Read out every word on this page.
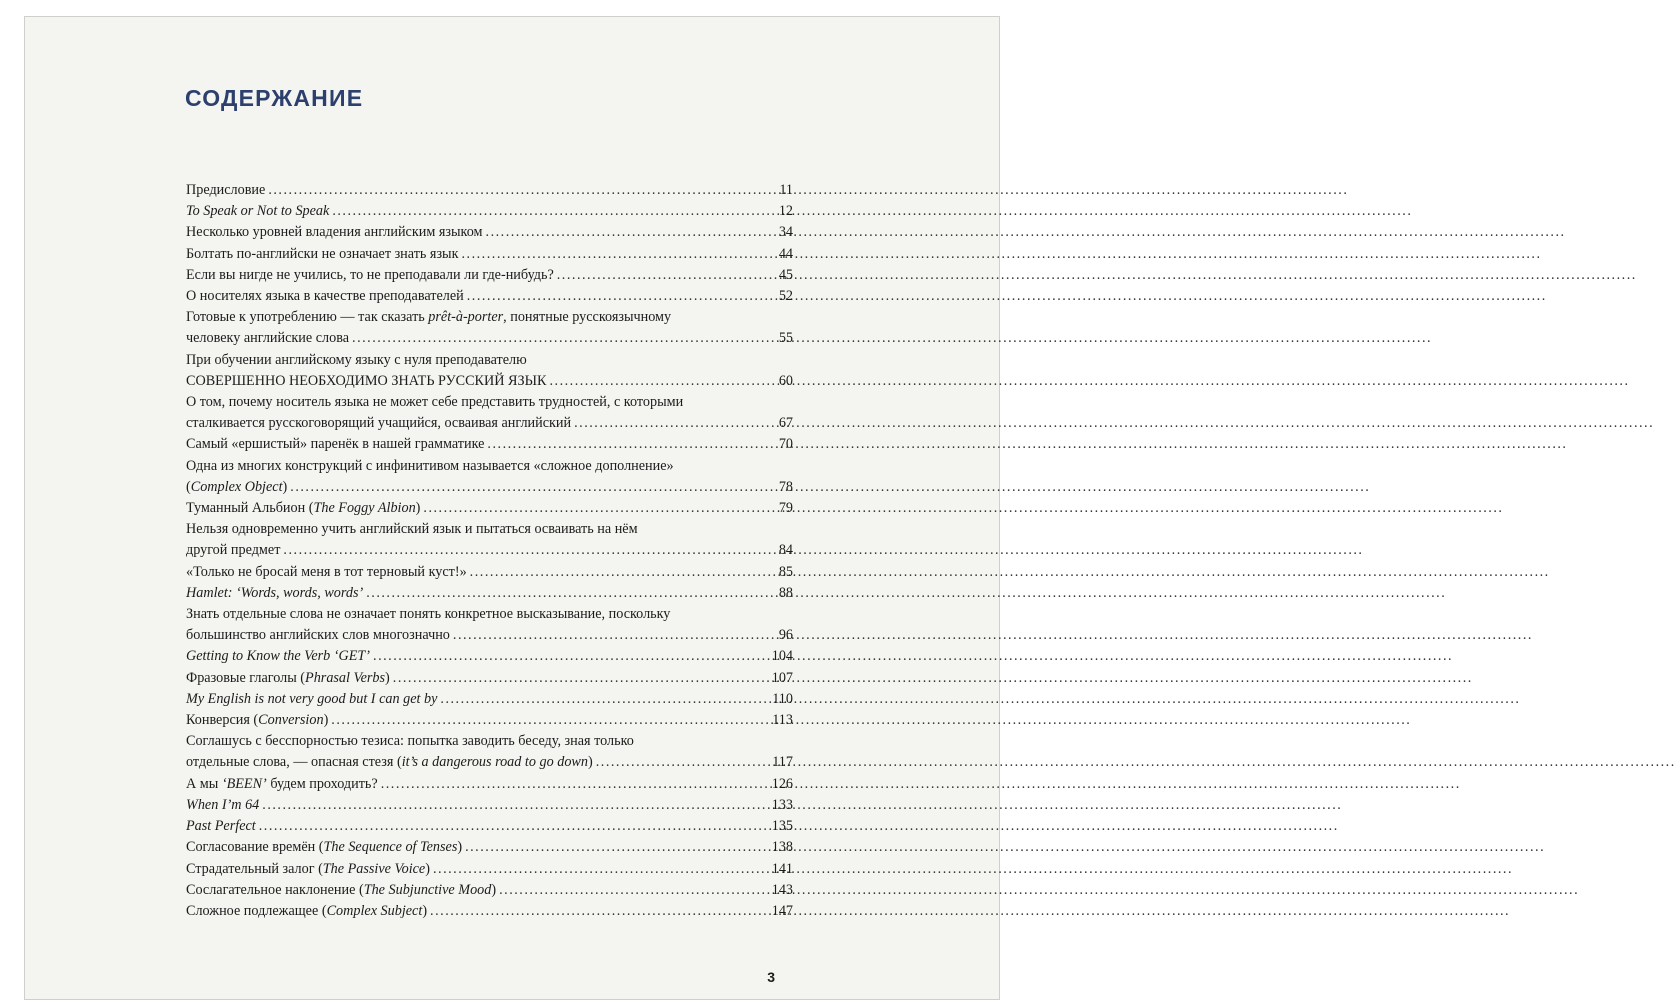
СОДЕРЖАНИЕ
Предисловие .....	11
To Speak or Not to Speak .....	12
Несколько уровней владения английским языком .....	34
Болтать по-английски не означает знать язык .....	44
Если вы нигде не учились, то не преподавали ли где-нибудь? .....	45
О носителях языка в качестве преподавателей .....	52
Готовые к употреблению — так сказать prêt-à-porter, понятные русскоязычному
человеку английские слова .....	55
При обучении английскому языку с нуля преподавателю
СОВЕРШЕННО НЕОБХОДИМО ЗНАТЬ РУССКИЙ ЯЗЫК .....	60
О том, почему носитель языка не может себе представить трудностей, с которыми
сталкивается русскоговорящий учащийся, осваивая английский .....	67
Самый «ершистый» паренёк в нашей грамматике .....	70
Одна из многих конструкций с инфинитивом называется «сложное дополнение»
(Complex Object) .....	78
Туманный Альбион (The Foggy Albion) .....	79
Нельзя одновременно учить английский язык и пытаться осваивать на нём
другой предмет .....	84
«Только не бросай меня в тот терновый куст!» .....	85
Hamlet: ‘Words, words, words’ .....	88
Знать отдельные слова не означает понять конкретное высказывание, поскольку
большинство английских слов многозначно .....	96
Getting to Know the Verb ‘GET’ .....	104
Фразовые глаголы (Phrasal Verbs) .....	107
My English is not very good but I can get by .....	110
Конверсия (Conversion) .....	113
Соглашусь с бесспорностью тезиса: попытка заводить беседу, зная только
отдельные слова, — опасная стезя (it’s a dangerous road to go down) .....	117
А мы ‘BEEN’ будем проходить? .....	126
When I’m 64 .....	133
Past Perfect .....	135
Согласование времён (The Sequence of Tenses) .....	138
Страдательный залог (The Passive Voice) .....	141
Сослагательное наклонение (The Subjunctive Mood) .....	143
Сложное подлежащее (Complex Subject) .....	147
3
